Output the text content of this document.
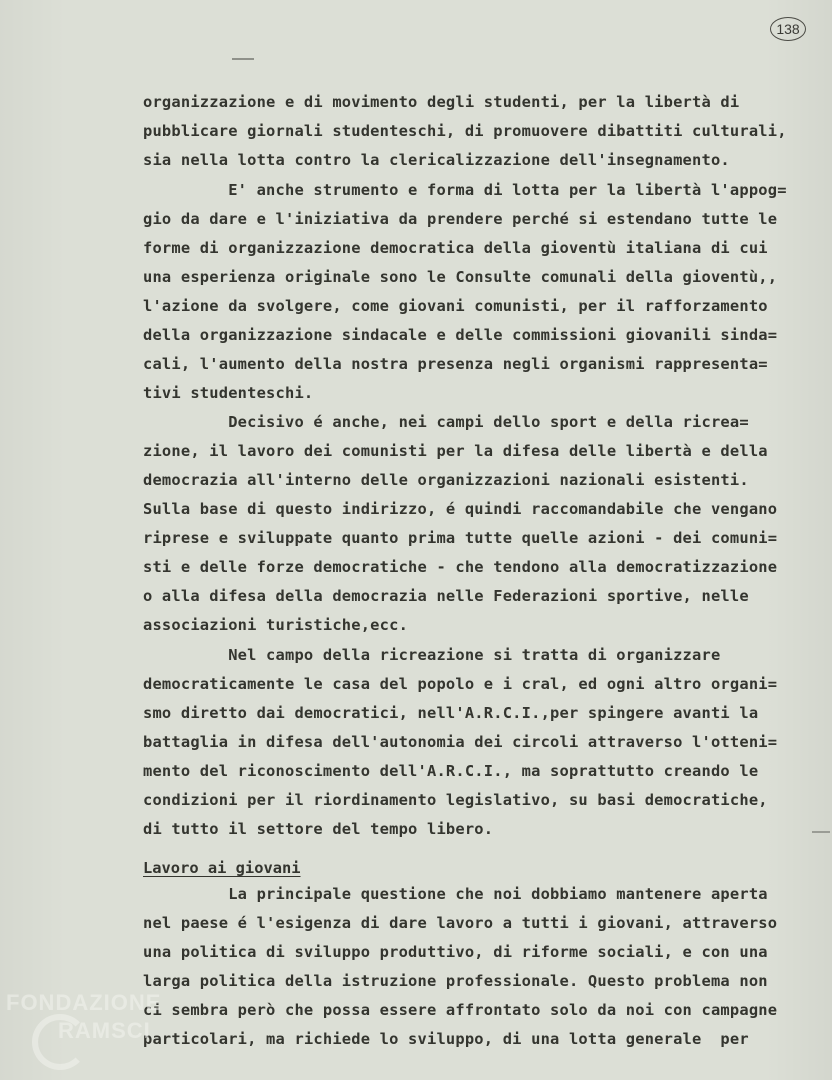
138
organizzazione e di movimento degli studenti, per la libertà di
pubblicare giornali studenteschi, di promuovere dibattiti culturali,
sia nella lotta contro la clericalizzazione dell'insegnamento.
E' anche strumento e forma di lotta per la libertà l'appog=
gio da dare e l'iniziativa da prendere perché si estendano tutte le
forme di organizzazione democratica della gioventù italiana di cui
una esperienza originale sono le Consulte comunali della gioventù,,
l'azione da svolgere, come giovani comunisti, per il rafforzamento
della organizzazione sindacale e delle commissioni giovanili sinda=
cali, l'aumento della nostra presenza negli organismi rappresenta=
tivi studenteschi.
Decisivo é anche, nei campi dello sport e della ricrea=
zione, il lavoro dei comunisti per la difesa delle libertà e della
democrazia all'interno delle organizzazioni nazionali esistenti.
Sulla base di questo indirizzo, é quindi raccomandabile che vengano
riprese e sviluppate quanto prima tutte quelle azioni - dei comuni=
sti e delle forze democratiche - che tendono alla democratizzazione
o alla difesa della democrazia nelle Federazioni sportive, nelle
associazioni turistiche,ecc.
Nel campo della ricreazione si tratta di organizzare
democraticamente le casa del popolo e i cral, ed ogni altro organi=
smo diretto dai democratici, nell'A.R.C.I.,per spingere avanti la
battaglia in difesa dell'autonomia dei circoli attraverso l'otteni=
mento del riconoscimento dell'A.R.C.I., ma soprattutto creando le
condizioni per il riordinamento legislativo, su basi democratiche,
di tutto il settore del tempo libero.
Lavoro ai giovani
La principale questione che noi dobbiamo mantenere aperta
nel paese é l'esigenza di dare lavoro a tutti i giovani, attraverso
una politica di sviluppo produttivo, di riforme sociali, e con una
larga politica della istruzione professionale. Questo problema non
ci sembra però che possa essere affrontato solo da noi con campagne
particolari, ma richiede lo sviluppo, di una lotta generale  per
FONDAZIONE
RAMSCI
